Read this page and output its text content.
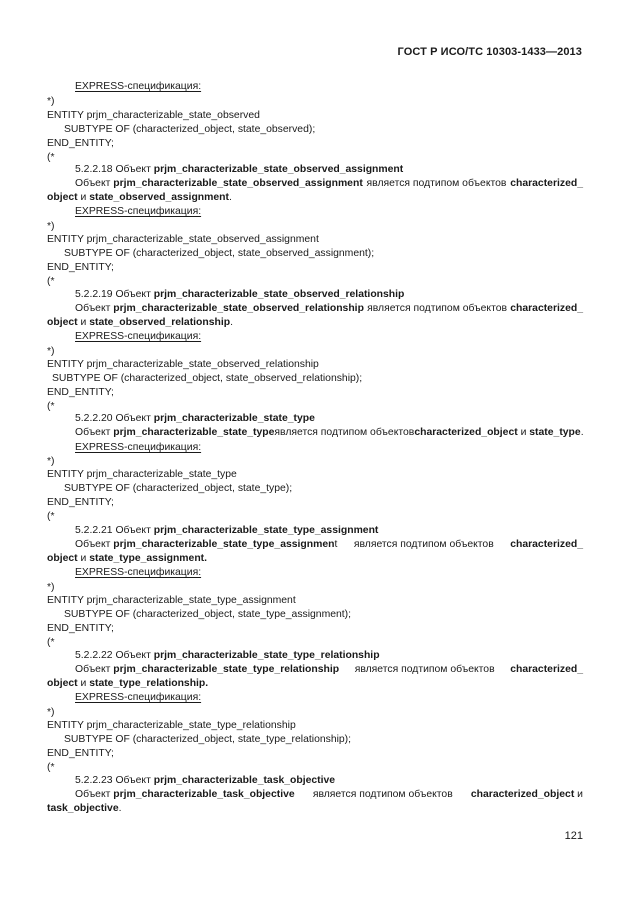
ГОСТ Р ИСО/ТС 10303-1433—2013
EXPRESS-спецификация:
*)
ENTITY prjm_characterizable_state_observed
SUBTYPE OF (characterized_object, state_observed);
END_ENTITY;
(*
5.2.2.18 Объект prjm_characterizable_state_observed_assignment
Объект prjm_characterizable_state_observed_assignment является подтипом объектов characterized_
object и state_observed_assignment.
EXPRESS-спецификация:
*)
ENTITY prjm_characterizable_state_observed_assignment
SUBTYPE OF (characterized_object, state_observed_assignment);
END_ENTITY;
(*
5.2.2.19 Объект prjm_characterizable_state_observed_relationship
Объект prjm_characterizable_state_observed_relationship является подтипом объектов characterized_
object и state_observed_relationship.
EXPRESS-спецификация:
*)
ENTITY prjm_characterizable_state_observed_relationship
SUBTYPE OF (characterized_object, state_observed_relationship);
END_ENTITY;
(*
5.2.2.20 Объект prjm_characterizable_state_type
Объект prjm_characterizable_state_type является подтипом объектов characterized_object и state_type.
EXPRESS-спецификация:
*)
ENTITY prjm_characterizable_state_type
SUBTYPE OF (characterized_object, state_type);
END_ENTITY;
(*
5.2.2.21 Объект prjm_characterizable_state_type_assignment
Объект prjm_characterizable_state_type_assignment является подтипом объектов characterized_
object и state_type_assignment.
EXPRESS-спецификация:
*)
ENTITY prjm_characterizable_state_type_assignment
SUBTYPE OF (characterized_object, state_type_assignment);
END_ENTITY;
(*
5.2.2.22 Объект prjm_characterizable_state_type_relationship
Объект prjm_characterizable_state_type_relationship является подтипом объектов characterized_
object и state_type_relationship.
EXPRESS-спецификация:
*)
ENTITY prjm_characterizable_state_type_relationship
SUBTYPE OF (characterized_object, state_type_relationship);
END_ENTITY;
(*
5.2.2.23 Объект prjm_characterizable_task_objective
Объект prjm_characterizable_task_objective является подтипом объектов characterized_object и
task_objective.
121
